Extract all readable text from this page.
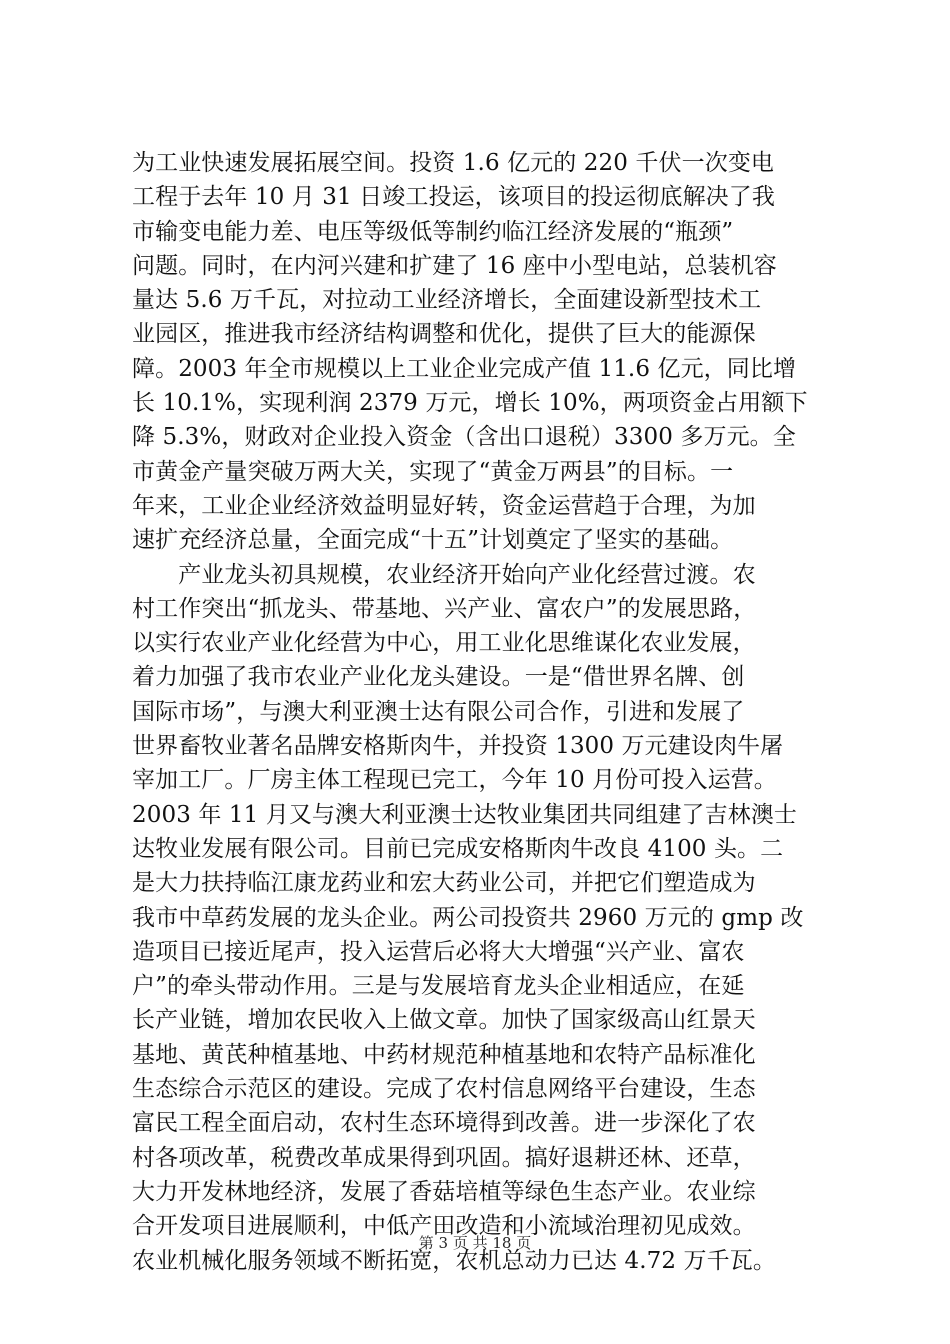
为工业快速发展拓展空间。投资 1.6 亿元的 220 千伏一次变电
工程于去年 10 月 31 日竣工投运，该项目的投运彻底解决了我
市输变电能力差、电压等级低等制约临江经济发展的“瓶颈”
问题。同时，在内河兴建和扩建了 16 座中小型电站，总装机容
量达 5.6 万千瓦，对拉动工业经济增长，全面建设新型技术工
业园区，推进我市经济结构调整和优化，提供了巨大的能源保
障。2003 年全市规模以上工业企业完成产值 11.6 亿元，同比增
长 10.1%，实现利润 2379 万元，增长 10%，两项资金占用额下
降 5.3%，财政对企业投入资金（含出口退税）3300 多万元。全
市黄金产量突破万两大关，实现了“黄金万两县”的目标。一
年来，工业企业经济效益明显好转，资金运营趋于合理，为加
速扩充经济总量，全面完成“十五”计划奠定了坚实的基础。
　　产业龙头初具规模，农业经济开始向产业化经营过渡。农
村工作突出“抓龙头、带基地、兴产业、富农户”的发展思路，
以实行农业产业化经营为中心，用工业化思维谋化农业发展，
着力加强了我市农业产业化龙头建设。一是“借世界名牌、创
国际市场”，与澳大利亚澳士达有限公司合作，引进和发展了
世界畜牧业著名品牌安格斯肉牛，并投资 1300 万元建设肉牛屠
宰加工厂。厂房主体工程现已完工，今年 10 月份可投入运营。
2003 年 11 月又与澳大利亚澳士达牧业集团共同组建了吉林澳士
达牧业发展有限公司。目前已完成安格斯肉牛改良 4100 头。二
是大力扶持临江康龙药业和宏大药业公司，并把它们塑造成为
我市中草药发展的龙头企业。两公司投资共 2960 万元的 gmp 改
造项目已接近尾声，投入运营后必将大大增强“兴产业、富农
户”的牵头带动作用。三是与发展培育龙头企业相适应，在延
长产业链，增加农民收入上做文章。加快了国家级高山红景天
基地、黄芪种植基地、中药材规范种植基地和农特产品标准化
生态综合示范区的建设。完成了农村信息网络平台建设，生态
富民工程全面启动，农村生态环境得到改善。进一步深化了农
村各项改革，税费改革成果得到巩固。搞好退耕还林、还草，
大力开发林地经济，发展了香菇培植等绿色生态产业。农业综
合开发项目进展顺利，中低产田改造和小流域治理初见成效。
农业机械化服务领域不断拓宽，农机总动力已达 4.72 万千瓦。
第 3 页 共 18 页
